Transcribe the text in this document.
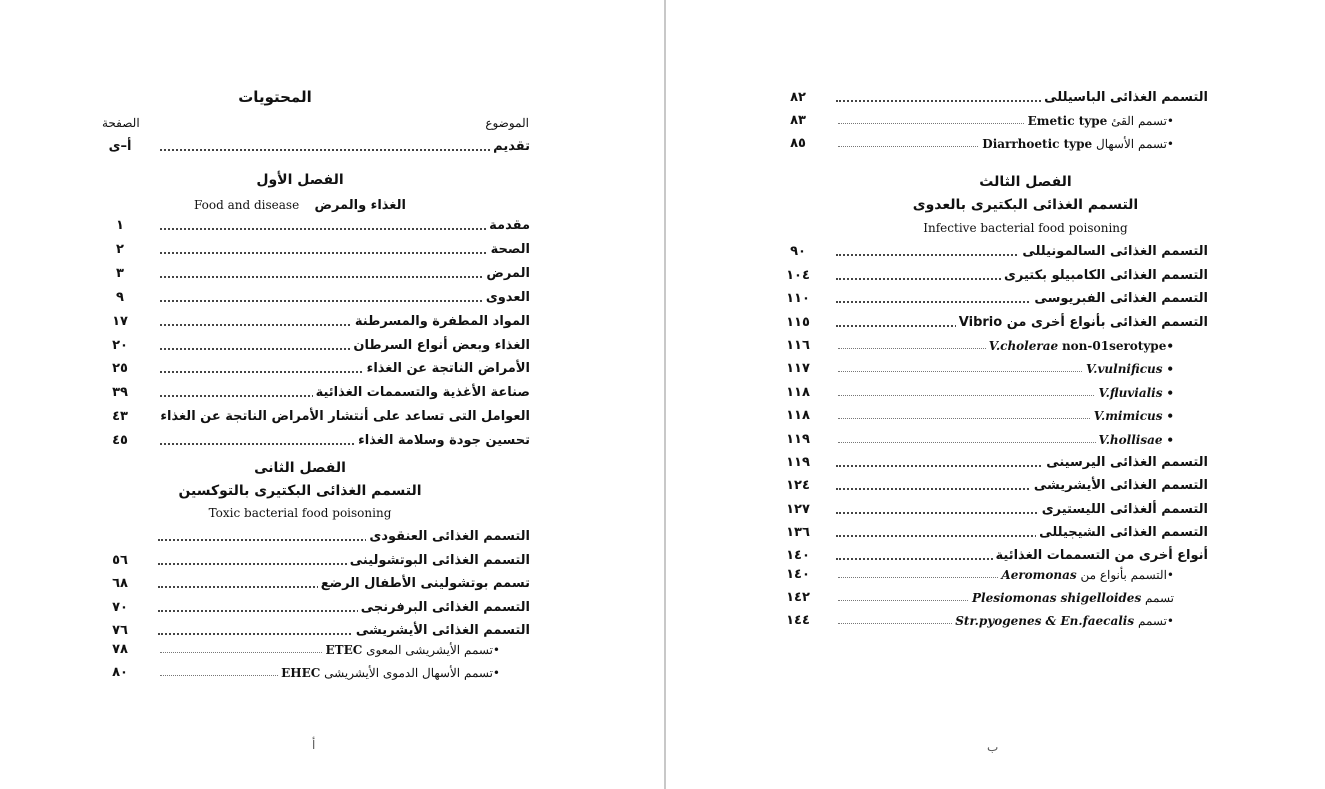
المحتويات
الموضوع
الصفحة
تقديم
أ–ى
الفصل الأول
الغذاء والمرض   Food and disease
مقدمة
١
الصحة
٢
المرض
٣
العدوى
٩
المواد المطفرة والمسرطنة
١٧
الغذاء وبعض أنواع السرطان
٢٠
الأمراض الناتجة عن الغذاء
٢٥
صناعة الأغذية والتسممات الغذائية
٣٩
العوامل التى تساعد على أنتشار الأمراض الناتجة عن الغذاء
٤٣
تحسين جودة وسلامة الغذاء
٤٥
الفصل الثانى
التسمم الغذائى البكتيرى بالتوكسين
Toxic bacterial food poisoning
التسمم الغذائى العنقودى
التسمم الغذائى البوتشولينى
٥٦
تسمم بوتشولينى الأطفال الرضع
٦٨
التسمم الغذائى البرفرنجى
٧٠
التسمم الغذائى الأيشريشى
٧٦
•تسمم الأيشريشى المعوى ETEC
٧٨
•تسمم الأسهال الدموى الأيشريشى EHEC
٨٠
أ
التسمم الغذائى الباسيللى
٨٢
•تسمم القئ Emetic type
٨٣
•تسمم الأسهال Diarrhoetic type
٨٥
الفصل الثالث
التسمم الغذائى البكتيرى بالعدوى
Infective bacterial food poisoning
التسمم الغذائى السالمونيللى
٩٠
التسمم الغذائى الكامبيلو بكتيرى
١٠٤
التسمم الغذائى الفبريوسى
١١٠
التسمم الغذائى بأنواع أخرى من Vibrio
١١٥
V.cholerae non-01serotype•
١١٦
V.vulnificus •
١١٧
V.fluvialis •
١١٨
V.mimicus •
١١٨
V.hollisae •
١١٩
التسمم الغذائى اليرسينى
١١٩
التسمم الغذائى الأيشريشى
١٢٤
التسمم ألغذائى الليستيرى
١٢٧
التسمم الغذائى الشيجيللى
١٣٦
أنواع أخرى من التسممات الغذائية
١٤٠
•التسمم بأنواع من Aeromonas
١٤٠
تسمم Plesiomonas shigelloides
١٤٢
•تسمم Str.pyogenes & En.faecalis
١٤٤
ب
